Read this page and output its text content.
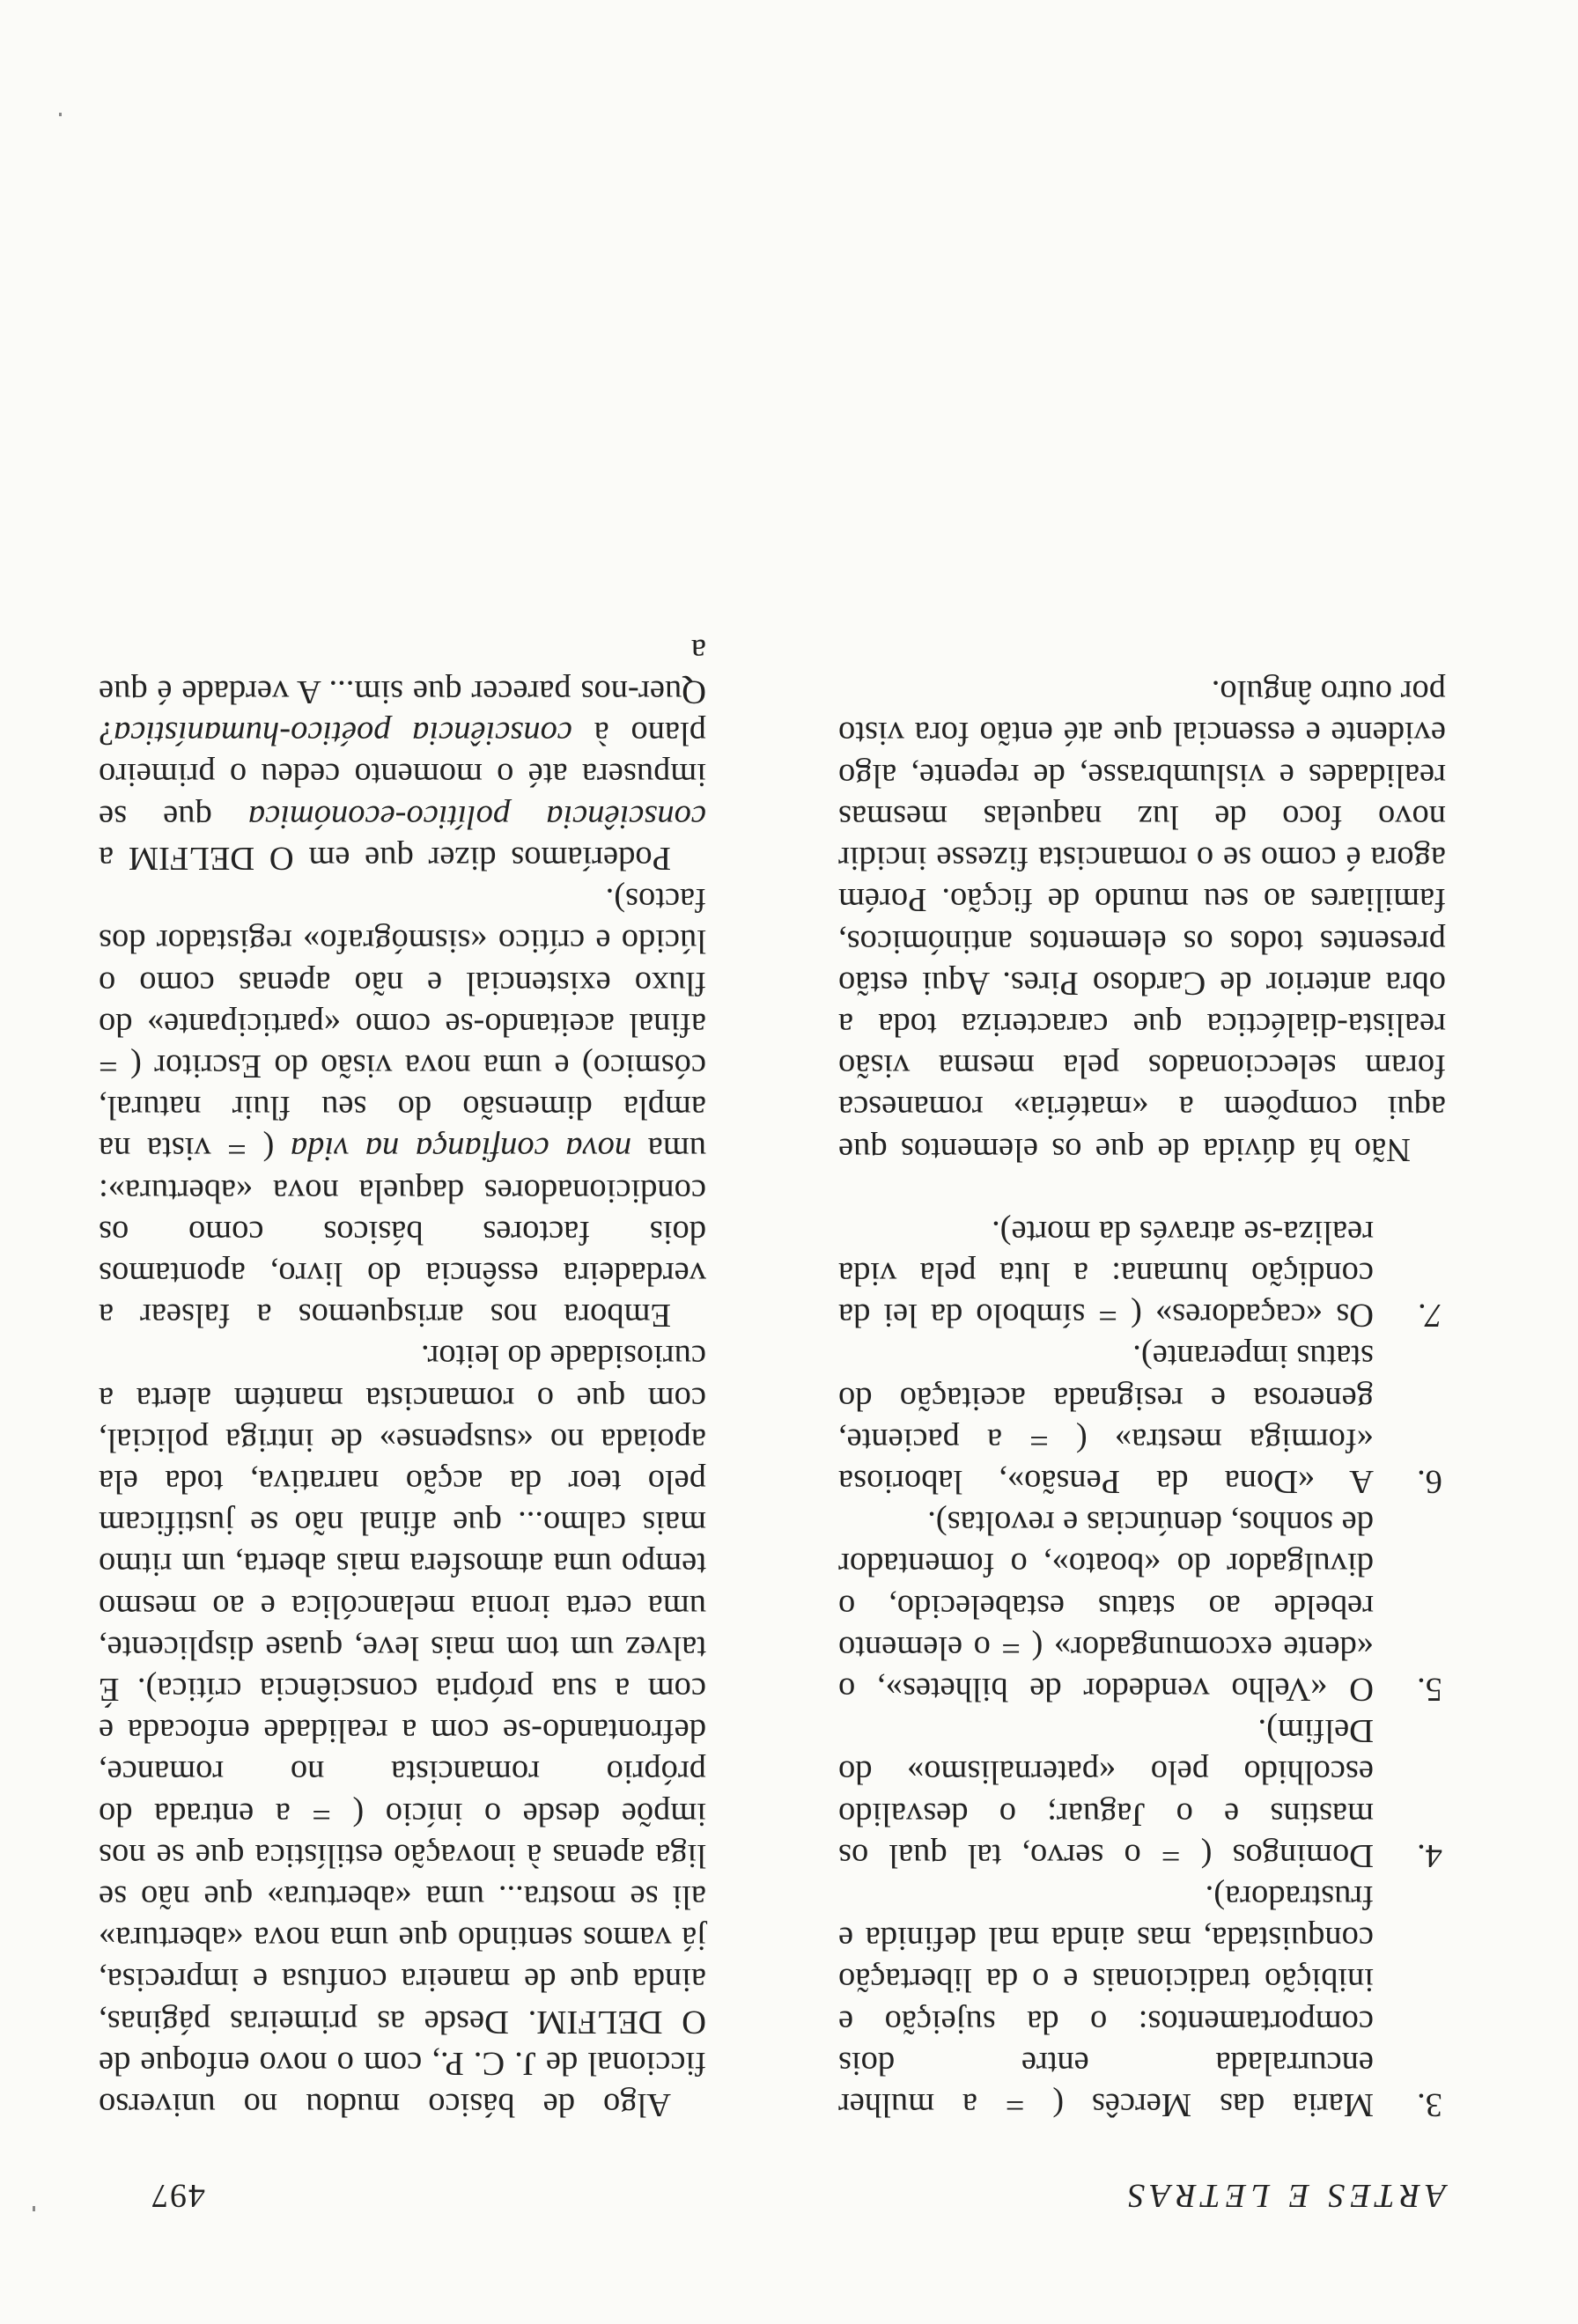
ARTES E LETRAS
497

3.
Maria das Mercês ( = a mulher encurralada entre dois comportamentos: o da sujeição e inibição tradicionais e o da libertação conquistada, mas ainda mal definida e frustradora).

4.
Domingos ( = o servo, tal qual os mastins e o Jaguar; o desvalido escolhido pelo «paternalismo» do Delfim).

5.
O «Velho vendedor de bilhetes», o «dente excomungador» ( = o elemento rebelde ao status estabelecido, o divulgador do «boato», o fomentador de sonhos, denúncias e revoltas).

6.
A «Dona da Pensão», laboriosa «formiga mestra» ( = a paciente, generosa e resignada aceitação do status imperante).

7.
Os «caçadores» ( = símbolo da lei da condição humana: a luta pela vida realiza-se através da morte).

Não há dúvida de que os elementos que aqui compõem a «matéria» romanesca foram seleccionados pela mesma visão realista-dialéctica que caracteriza toda a obra anterior de Cardoso Pires. Aqui estão presentes todos os elementos antinómicos, familiares ao seu mundo de ficção. Porém agora é como se o romancista fizesse incidir novo foco de luz naquelas mesmas realidades e vislumbrasse, de repente, algo evidente e essencial que até então fora visto por outro ângulo.

Algo de básico mudou no universo ficcional de J. C. P., com o novo enfoque de O DELFIM. Desde as primeiras páginas, ainda que de maneira confusa e imprecisa, já vamos sentindo que uma nova «abertura» ali se mostra... uma «abertura» que não se liga apenas à inovação estilística que se nos impõe desde o início ( = a entrada do próprio romancista no romance, defrontando-se com a realidade enfocada e com a sua própria consciência crítica). É talvez um tom mais leve, quase displicente, uma certa ironia melancólica e ao mesmo tempo uma atmosfera mais aberta, um ritmo mais calmo... que afinal não se justificam pelo teor da acção narrativa, toda ela apoiada no «suspense» de intriga policial, com que o romancista mantém alerta a curiosidade do leitor.

Embora nos arrisquemos a falsear a verdadeira essência do livro, apontamos dois factores básicos como os condicionadores daquela nova «abertura»: uma nova confiança na vida ( = vista na ampla dimensão do seu fluir natural, cósmico) e uma nova visão do Escritor ( = afinal aceitando-se como «participante» do fluxo existencial e não apenas como o lúcido e crítico «sismógrafo» registador dos factos).

Poderíamos dizer que em O DELFIM a consciência político-económica que se impusera até o momento cedeu o primeiro plano à consciência poético-humanística? Quer-nos parecer que sim... A verdade é que a
